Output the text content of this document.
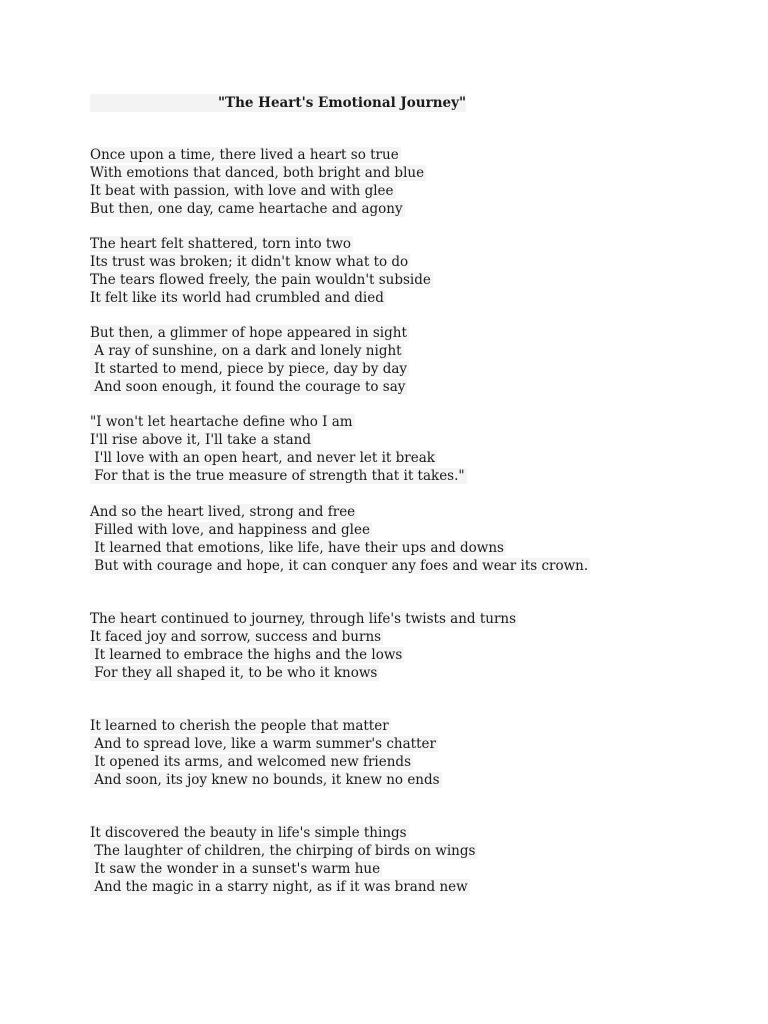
"The Heart's Emotional Journey"
Once upon a time, there lived a heart so true
With emotions that danced, both bright and blue
It beat with passion, with love and with glee
But then, one day, came heartache and agony
The heart felt shattered, torn into two
Its trust was broken; it didn't know what to do
The tears flowed freely, the pain wouldn't subside
It felt like its world had crumbled and died
But then, a glimmer of hope appeared in sight
A ray of sunshine, on a dark and lonely night
It started to mend, piece by piece, day by day
And soon enough, it found the courage to say
"I won't let heartache define who I am
I'll rise above it, I'll take a stand
I'll love with an open heart, and never let it break
For that is the true measure of strength that it takes."
And so the heart lived, strong and free
Filled with love, and happiness and glee
It learned that emotions, like life, have their ups and downs
But with courage and hope, it can conquer any foes and wear its crown.
The heart continued to journey, through life's twists and turns
It faced joy and sorrow, success and burns
It learned to embrace the highs and the lows
For they all shaped it, to be who it knows
It learned to cherish the people that matter
And to spread love, like a warm summer's chatter
It opened its arms, and welcomed new friends
And soon, its joy knew no bounds, it knew no ends
It discovered the beauty in life's simple things
The laughter of children, the chirping of birds on wings
It saw the wonder in a sunset's warm hue
And the magic in a starry night, as if it was brand new
